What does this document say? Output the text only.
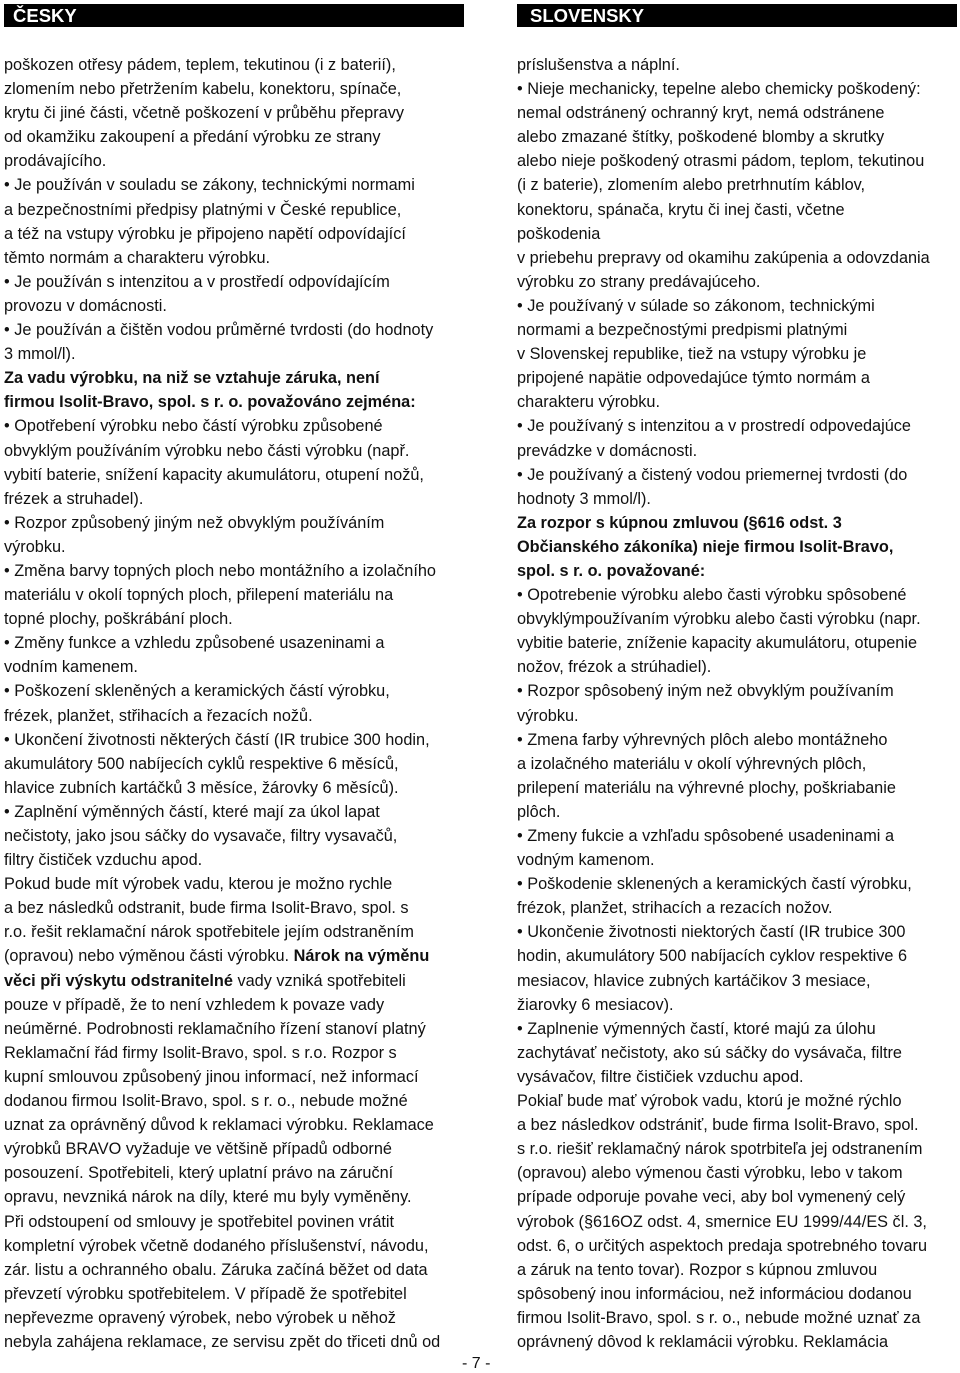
ČESKY

poškozen otřesy pádem, teplem, tekutinou (i z baterií),

zlomením nebo přetržením kabelu, konektoru, spínače,

krytu či jiné části, včetně poškození v průběhu přepravy

od okamžiku zakoupení a předání výrobku ze strany

prodávajícího.

• Je používán v souladu se zákony, technickými normami

a bezpečnostními předpisy platnými v České republice,

a též na vstupy výrobku je připojeno napětí odpovídající

těmto normám a charakteru výrobku.

• Je používán s intenzitou a v prostředí odpovídajícím

provozu v domácnosti.

• Je používán a čištěn vodou průměrné tvrdosti (do hodnoty

3 mmol/l).

Za vadu výrobku, na niž se vztahuje záruka, není

firmou Isolit-Bravo, spol. s r. o. považováno zejména:

• Opotřebení výrobku nebo částí výrobku způsobené

obvyklým používáním výrobku nebo části výrobku (např.

vybití baterie, snížení kapacity akumulátoru, otupení nožů,

frézek a struhadel).

• Rozpor způsobený jiným než obvyklým používáním

výrobku.

• Změna barvy topných ploch nebo montážního a izolačního

materiálu v okolí topných ploch, přilepení materiálu na

topné plochy, poškrábání ploch.

• Změny funkce a vzhledu způsobené usazeninami a

vodním kamenem.

• Poškození skleněných a keramických částí výrobku,

frézek, planžet, střihacích a řezacích nožů.

• Ukončení životnosti některých částí (IR trubice 300 hodin,

akumulátory 500 nabíjecích cyklů respektive 6 měsíců,

hlavice zubních kartáčků 3 měsíce, žárovky 6 měsíců).

• Zaplnění výměnných částí, které mají za úkol lapat

nečistoty, jako jsou sáčky do vysavače, filtry vysavačů,

filtry čističek vzduchu apod.

Pokud bude mít výrobek vadu, kterou je možno rychle

a bez následků odstranit, bude firma Isolit-Bravo, spol. s

r.o. řešit reklamační nárok spotřebitele jejím odstraněním

(opravou) nebo výměnou části výrobku. Nárok na výměnu

věci při výskytu odstranitelné vady vzniká spotřebiteli

pouze v případě, že to není vzhledem k povaze vady

neúměrné. Podrobnosti reklamačního řízení stanoví platný

Reklamační řád firmy Isolit-Bravo, spol. s r.o. Rozpor s

kupní smlouvou způsobený jinou informací, než informací

dodanou firmou Isolit-Bravo, spol. s r. o., nebude možné

uznat za oprávněný důvod k reklamaci výrobku. Reklamace

výrobků BRAVO vyžaduje ve většině případů odborné

posouzení. Spotřebiteli, který uplatní právo na záruční

opravu, nevzniká nárok na díly, které mu byly vyměněny.

Při odstoupení od smlouvy je spotřebitel povinen vrátit

kompletní výrobek včetně dodaného příslušenství, návodu,

zár. listu a ochranného obalu. Záruka začíná běžet od data

převzetí výrobku spotřebitelem. V případě že spotřebitel

nepřevezme opravený výrobek, nebo výrobek u něhož

nebyla zahájena reklamace, ze servisu zpět do třiceti dnů od

SLOVENSKY

príslušenstva a náplní.

• Nieje mechanicky, tepelne alebo chemicky poškodený:

nemal odstránený ochranný kryt, nemá odstránene

alebo zmazané štítky, poškodené blomby a skrutky

alebo nieje poškodený otrasmi pádom, teplom, tekutinou

(i z baterie), zlomením alebo pretrhnutím káblov,

konektoru, spánača, krytu či inej časti, včetne

poškodenia

v priebehu prepravy od okamihu zakúpenia a odovzdania

výrobku zo strany predávajúceho.

• Je používaný v súlade so zákonom, technickými

normami a bezpečnostými predpismi platnými

v Slovenskej republike, tiež na vstupy výrobku je

pripojené napätie odpovedajúce týmto normám a

charakteru výrobku.

• Je používaný s intenzitou a v prostredí odpovedajúce

prevádzke v domácnosti.

• Je používaný a čistený vodou priemernej tvrdosti (do

hodnoty 3 mmol/l).

Za rozpor s kúpnou zmluvou (§616 odst. 3

Občianského zákoníka) nieje firmou Isolit-Bravo,

spol. s r. o. považované:

• Opotrebenie výrobku alebo časti výrobku spôsobené

obvyklýmpoužívaním výrobku alebo časti výrobku (napr.

vybitie baterie, zníženie kapacity akumulátoru, otupenie

nožov, frézok a strúhadiel).

• Rozpor spôsobený iným než obvyklým používaním

výrobku.

• Zmena farby výhrevných plôch alebo montážneho

a izolačného materiálu v okolí výhrevných plôch,

prilepení materiálu na výhrevné plochy, poškriabanie

plôch.

• Zmeny fukcie a vzhľadu spôsobené usadeninami a

vodným kamenom.

• Poškodenie sklenených a keramických častí výrobku,

frézok, planžet, strihacích a rezacích nožov.

• Ukončenie životnosti niektorých častí (IR trubice 300

hodin, akumulátory 500 nabíjacích cyklov respektive 6

mesiacov, hlavice zubných kartáčikov 3 mesiace,

žiarovky 6 mesiacov).

• Zaplnenie výmenných častí, ktoré majú za úlohu

zachytávať nečistoty, ako sú sáčky do vysávača, filtre

vysávačov, filtre čističiek vzduchu apod.

Pokiaľ bude mať výrobok vadu, ktorú je možné rýchlo

a bez následkov odstrániť, bude firma Isolit-Bravo, spol.

s r.o. riešiť reklamačný nárok spotrbiteľa jej odstranením

(opravou) alebo výmenou časti výrobku, lebo v takom

prípade odporuje povahe veci, aby bol vymenený celý

výrobok (§616OZ odst. 4, smernice EU 1999/44/ES čl. 3,

odst. 6, o určitých aspektoch predaja spotrebného tovaru

a záruk na tento tovar). Rozpor s kúpnou zmluvou

spôsobený inou informáciou, než informáciou dodanou

firmou Isolit-Bravo, spol. s r. o., nebude možné uznať za

oprávnený dôvod k reklamácii výrobku. Reklamácia

- 7 -
